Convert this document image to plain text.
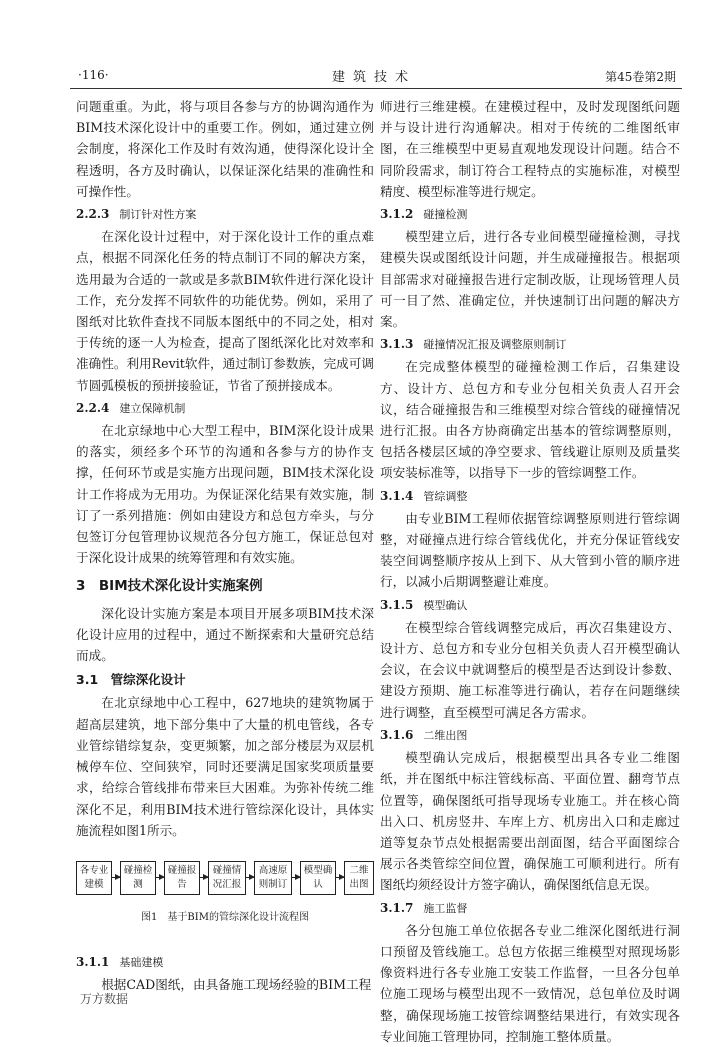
·116·	建筑技术	第45卷第2期

问题重重。为此，将与项目各参与方的协调沟通作为BIM技术深化设计中的重要工作。例如，通过建立例会制度，将深化工作及时有效沟通，使得深化设计全程透明，各方及时确认，以保证深化结果的准确性和可操作性。

2.2.3 制订针对性方案

在深化设计过程中，对于深化设计工作的重点难点，根据不同深化任务的特点制订不同的解决方案，选用最为合适的一款或是多款BIM软件进行深化设计工作，充分发挥不同软件的功能优势。例如，采用了图纸对比软件查找不同版本图纸中的不同之处，相对于传统的逐一人为检查，提高了图纸深化比对效率和准确性。利用Revit软件，通过制订参数族，完成可调节圆弧模板的预拼接验证，节省了预拼接成本。

2.2.4 建立保障机制

在北京绿地中心大型工程中，BIM深化设计成果的落实，须经多个环节的沟通和各参与方的协作支撑，任何环节或是实施方出现问题，BIM技术深化设计工作将成为无用功。为保证深化结果有效实施，制订了一系列措施：例如由建设方和总包方牵头，与分包签订分包管理协议规范各分包方施工，保证总包对于深化设计成果的统筹管理和有效实施。

3　BIM技术深化设计实施案例

深化设计实施方案是本项目开展多项BIM技术深化设计应用的过程中，通过不断探索和大量研究总结而成。

3.1　管综深化设计

在北京绿地中心工程中，627地块的建筑物属于超高层建筑，地下部分集中了大量的机电管线，各专业管综错综复杂，变更频繁，加之部分楼层为双层机械停车位、空间狭窄，同时还要满足国家奖项质量要求，给综合管线排布带来巨大困难。为弥补传统二维深化不足，利用BIM技术进行管综深化设计，具体实施流程如图1所示。

各专业建模
碰撞检测
碰撞报告
碰撞情况汇报
高速原则制订
模型确认
二维出图
图1　基于BIM的管综深化设计流程图
3.1.1 基础建模

根据CAD图纸，由具备施工现场经验的BIM工程

师进行三维建模。在建模过程中，及时发现图纸问题并与设计进行沟通解决。相对于传统的二维图纸审图，在三维模型中更易直观地发现设计问题。结合不同阶段需求，制订符合工程特点的实施标准，对模型精度、模型标准等进行规定。

3.1.2 碰撞检测

模型建立后，进行各专业间模型碰撞检测，寻找建模失误或图纸设计问题，并生成碰撞报告。根据项目部需求对碰撞报告进行定制改版，让现场管理人员可一目了然、准确定位，并快速制订出问题的解决方案。

3.1.3 碰撞情况汇报及调整原则制订

在完成整体模型的碰撞检测工作后，召集建设方、设计方、总包方和专业分包相关负责人召开会议，结合碰撞报告和三维模型对综合管线的碰撞情况进行汇报。由各方协商确定出基本的管综调整原则，包括各楼层区域的净空要求、管线避让原则及质量奖项安装标准等，以指导下一步的管综调整工作。

3.1.4 管综调整

由专业BIM工程师依据管综调整原则进行管综调整，对碰撞点进行综合管线优化，并充分保证管线安装空间调整顺序按从上到下、从大管到小管的顺序进行，以减小后期调整避让难度。

3.1.5 模型确认

在模型综合管线调整完成后，再次召集建设方、设计方、总包方和专业分包相关负责人召开模型确认会议，在会议中就调整后的模型是否达到设计参数、建设方预期、施工标准等进行确认，若存在问题继续进行调整，直至模型可满足各方需求。

3.1.6 二维出图

模型确认完成后，根据模型出具各专业二维图纸，并在图纸中标注管线标高、平面位置、翻弯节点位置等，确保图纸可指导现场专业施工。并在核心筒出入口、机房竖井、车库上方、机房出入口和走廊过道等复杂节点处根据需要出剖面图，结合平面图综合展示各类管综空间位置，确保施工可顺利进行。所有图纸均须经设计方签字确认，确保图纸信息无误。

3.1.7 施工监督

各分包施工单位依据各专业二维深化图纸进行洞口预留及管线施工。总包方依据三维模型对照现场影像资料进行各专业施工安装工作监督，一旦各分包单位施工现场与模型出现不一致情况，总包单位及时调整，确保现场施工按管综调整结果进行，有效实现各专业间施工管理协同，控制施工整体质量。

万方数据
